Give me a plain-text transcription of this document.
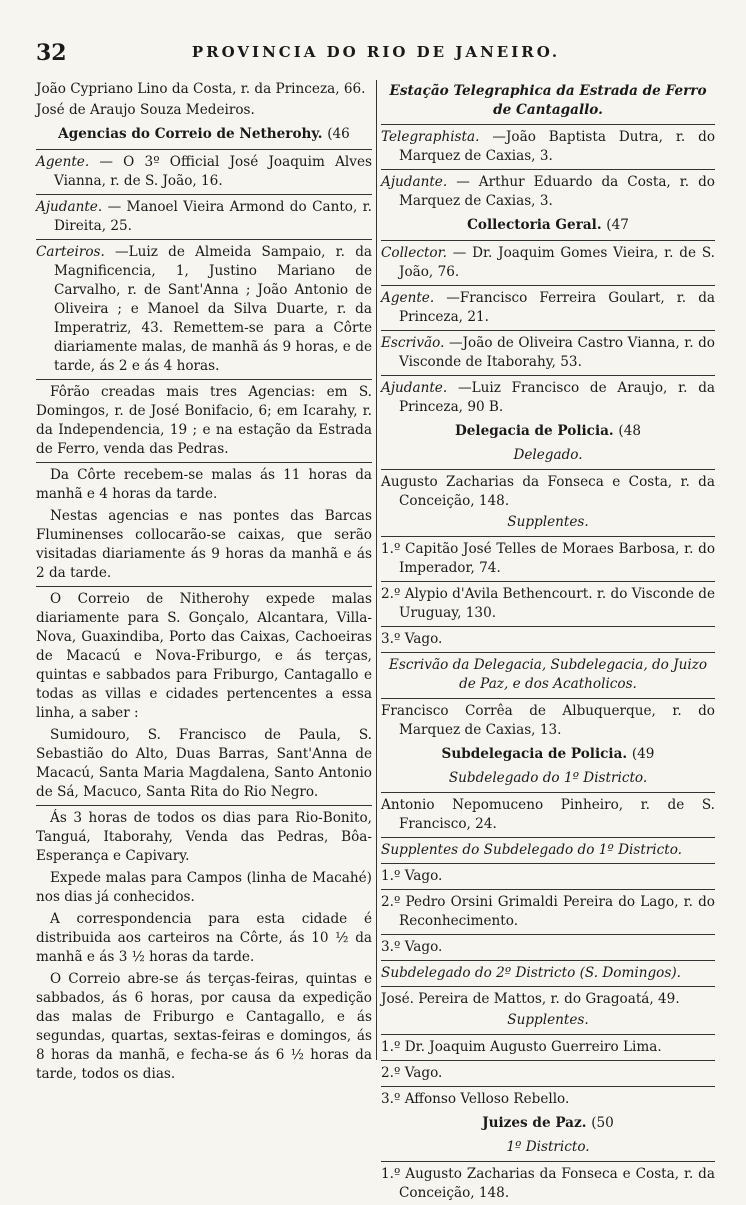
32	PROVINCIA DO RIO DE JANEIRO.

João Cypriano Lino da Costa, r. da Princeza, 66.

José de Araujo Souza Medeiros.

Agencias do Correio de Netherohy. (46

Agente. — O 3º Official José Joaquim Alves Vianna, r. de S. João, 16.

Ajudante. — Manoel Vieira Armond do Canto, r. Direita, 25.

Carteiros. —Luiz de Almeida Sampaio, r. da Magnificencia, 1, Justino Mariano de Carvalho, r. de Sant'Anna ; João Antonio de Oliveira ; e Manoel da Silva Duarte, r. da Imperatriz, 43. Remettem-se para a Côrte diariamente malas, de manhã ás 9 horas, e de tarde, ás 2 e ás 4 horas.

Fôrão creadas mais tres Agencias: em S. Domingos, r. de José Bonifacio, 6; em Icarahy, r. da Independencia, 19 ; e na estação da Estrada de Ferro, venda das Pedras.

Da Côrte recebem-se malas ás 11 horas da manhã e 4 horas da tarde.

Nestas agencias e nas pontes das Barcas Fluminenses collocarão-se caixas, que serão visitadas diariamente ás 9 horas da manhã e ás 2 da tarde.

O Correio de Nitherohy expede malas diariamente para S. Gonçalo, Alcantara, Villa-Nova, Guaxindiba, Porto das Caixas, Cachoeiras de Macacú e Nova-Friburgo, e ás terças, quintas e sabbados para Friburgo, Cantagallo e todas as villas e cidades pertencentes a essa linha, a saber :

Sumidouro, S. Francisco de Paula, S. Sebastião do Alto, Duas Barras, Sant'Anna de Macacú, Santa Maria Magdalena, Santo Antonio de Sá, Macuco, Santa Rita do Rio Negro.

Ás 3 horas de todos os dias para Rio-Bonito, Tanguá, Itaborahy, Venda das Pedras, Bôa-Esperança e Capivary.

Expede malas para Campos (linha de Macahé) nos dias já conhecidos.

A correspondencia para esta cidade é distribuida aos carteiros na Côrte, ás 10 ½ da manhã e ás 3 ½ horas da tarde.

O Correio abre-se ás terças-feiras, quintas e sabbados, ás 6 horas, por causa da expedição das malas de Friburgo e Cantagallo, e ás segundas, quartas, sextas-feiras e domingos, ás 8 horas da manhã, e fecha-se ás 6 ½ horas da tarde, todos os dias.

Estação Telegraphica da Estrada de Ferro de Cantagallo.

Telegraphista. —João Baptista Dutra, r. do Marquez de Caxias, 3.

Ajudante. — Arthur Eduardo da Costa, r. do Marquez de Caxias, 3.

Collectoria Geral. (47

Collector. — Dr. Joaquim Gomes Vieira, r. de S. João, 76.

Agente. —Francisco Ferreira Goulart, r. da Princeza, 21.

Escrivão. —João de Oliveira Castro Vianna, r. do Visconde de Itaborahy, 53.

Ajudante. —Luiz Francisco de Araujo, r. da Princeza, 90 B.

Delegacia de Policia. (48

Delegado.

Augusto Zacharias da Fonseca e Costa, r. da Conceição, 148.

Supplentes.

1.º Capitão José Telles de Moraes Barbosa, r. do Imperador, 74.

2.º Alypio d'Avila Bethencourt. r. do Visconde de Uruguay, 130.

3.º Vago.

Escrivão da Delegacia, Subdelegacia, do Juizo de Paz, e dos Acatholicos.

Francisco Corrêa de Albuquerque, r. do Marquez de Caxias, 13.

Subdelegacia de Policia. (49

Subdelegado do 1º Districto.

Antonio Nepomuceno Pinheiro, r. de S. Francisco, 24.

Supplentes do Subdelegado do 1º Districto.

1.º Vago.

2.º Pedro Orsini Grimaldi Pereira do Lago, r. do Reconhecimento.

3.º Vago.

Subdelegado do 2º Districto (S. Domingos).

José. Pereira de Mattos, r. do Gragoatá, 49.

Supplentes.

1.º Dr. Joaquim Augusto Guerreiro Lima.

2.º Vago.

3.º Affonso Velloso Rebello.

Juizes de Paz. (50

1º Districto.

1.º Augusto Zacharias da Fonseca e Costa, r. da Conceição, 148.
